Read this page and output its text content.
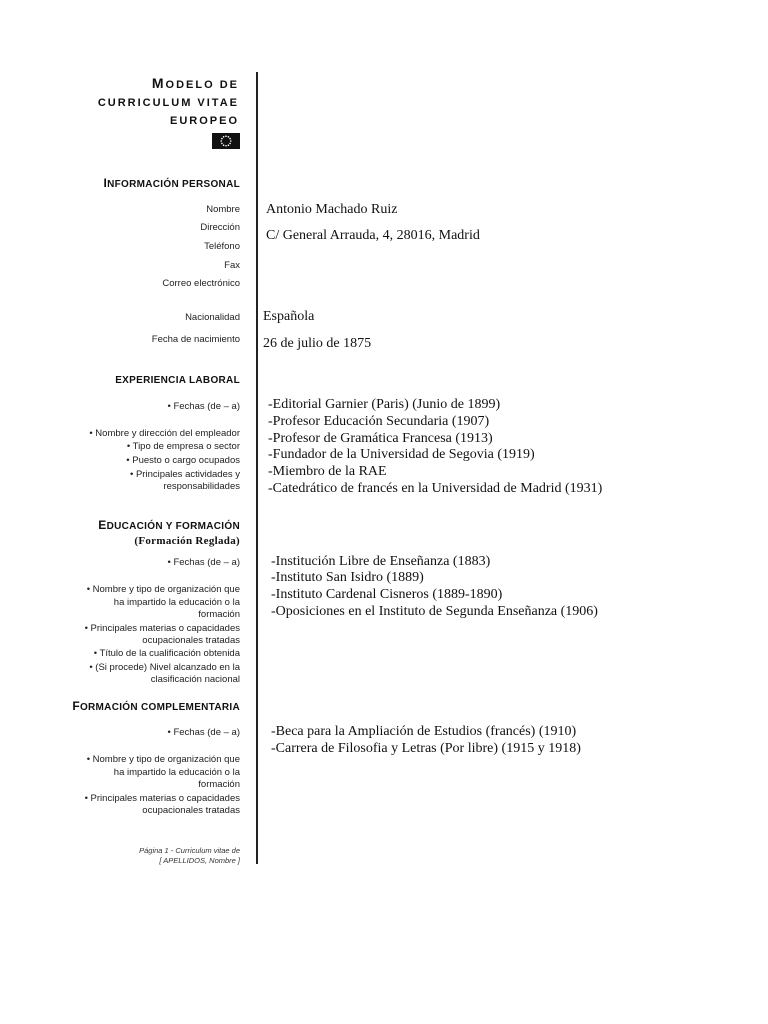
MODELO DE
CURRICULUM VITAE
EUROPEO
INFORMACIÓN PERSONAL
Nombre
Dirección
Teléfono
Fax
Correo electrónico
Nacionalidad
Fecha de nacimiento
Antonio Machado Ruiz
C/ General Arrauda, 4, 28016, Madrid
Española
26 de julio de 1875
EXPERIENCIA LABORAL
• Fechas (de – a)
• Nombre y dirección del empleador
• Tipo de empresa o sector
• Puesto o cargo ocupados
• Principales actividades y
responsabilidades
-Editorial Garnier (Paris) (Junio de 1899)
-Profesor Educación Secundaria (1907)
-Profesor de Gramática Francesa (1913)
-Fundador de la Universidad de Segovia (1919)
-Miembro de la RAE
-Catedrático de francés en la Universidad de Madrid (1931)
EDUCACIÓN Y FORMACIÓN
(Formación Reglada)
• Fechas (de – a)
• Nombre y tipo de organización que
ha impartido la educación o la
formación
• Principales materias o capacidades
ocupacionales tratadas
• Título de la cualificación obtenida
• (Si procede) Nivel alcanzado en la
clasificación nacional
-Institución Libre de Enseñanza (1883)
-Instituto San Isidro (1889)
-Instituto Cardenal Cisneros (1889-1890)
-Oposiciones en el Instituto de Segunda Enseñanza (1906)
FORMACIÓN COMPLEMENTARIA
• Fechas (de – a)
• Nombre y tipo de organización que
ha impartido la educación o la
formación
• Principales materias o capacidades
ocupacionales tratadas
-Beca para la Ampliación de Estudios (francés) (1910)
-Carrera de Filosofia y Letras (Por libre) (1915 y 1918)
Página 1 - Curriculum vitae de
[ APELLIDOS, Nombre ]
